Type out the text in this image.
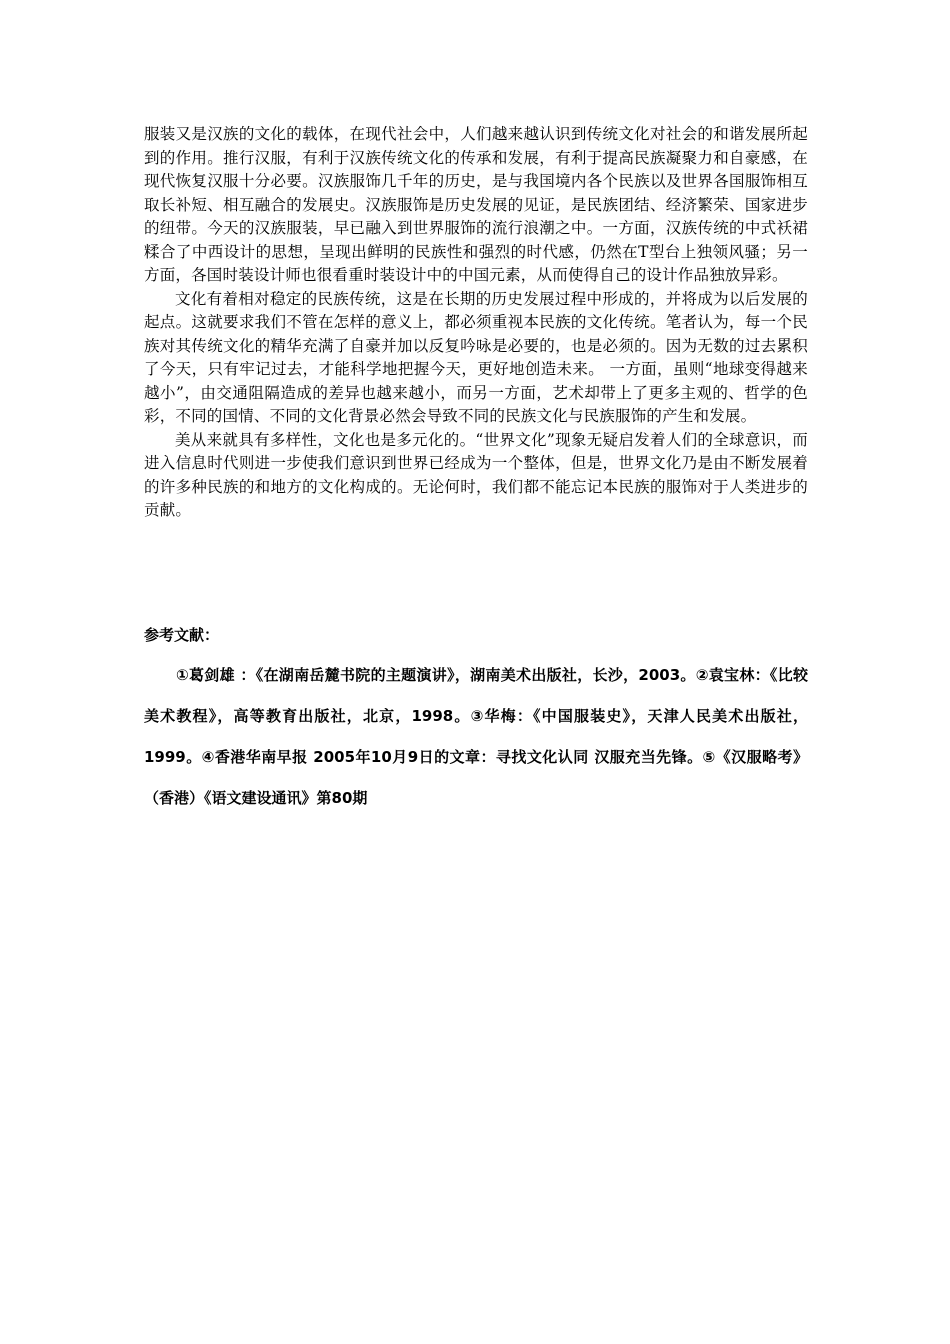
服装又是汉族的文化的载体，在现代社会中，人们越来越认识到传统文化对社会的和谐发展所起到的作用。推行汉服，有利于汉族传统文化的传承和发展，有利于提高民族凝聚力和自豪感，在现代恢复汉服十分必要。汉族服饰几千年的历史，是与我国境内各个民族以及世界各国服饰相互取长补短、相互融合的发展史。汉族服饰是历史发展的见证，是民族团结、经济繁荣、国家进步的纽带。今天的汉族服装，早已融入到世界服饰的流行浪潮之中。一方面，汉族传统的中式袄裙糅合了中西设计的思想，呈现出鲜明的民族性和强烈的时代感，仍然在T型台上独领风骚；另一方面，各国时装设计师也很看重时装设计中的中国元素，从而使得自己的设计作品独放异彩。

文化有着相对稳定的民族传统，这是在长期的历史发展过程中形成的，并将成为以后发展的起点。这就要求我们不管在怎样的意义上，都必须重视本民族的文化传统。笔者认为，每一个民族对其传统文化的精华充满了自豪并加以反复吟咏是必要的，也是必须的。因为无数的过去累积了今天，只有牢记过去，才能科学地把握今天，更好地创造未来。 一方面，虽则“地球变得越来越小”，由交通阻隔造成的差异也越来越小，而另一方面，艺术却带上了更多主观的、哲学的色彩，不同的国情、不同的文化背景必然会导致不同的民族文化与民族服饰的产生和发展。

美从来就具有多样性，文化也是多元化的。“世界文化”现象无疑启发着人们的全球意识，而进入信息时代则进一步使我们意识到世界已经成为一个整体，但是，世界文化乃是由不断发展着的许多种民族的和地方的文化构成的。无论何时，我们都不能忘记本民族的服饰对于人类进步的贡献。

参考文献：

①葛剑雄 ：《在湖南岳麓书院的主题演讲》，湖南美术出版社，长沙，2003。②袁宝林：《比较美术教程》，高等教育出版社，北京，1998。③华梅：《中国服装史》，天津人民美术出版社，1999。④香港华南早报 2005年10月9日的文章：寻找文化认同 汉服充当先锋。⑤《汉服略考》（香港）《语文建设通讯》第80期
